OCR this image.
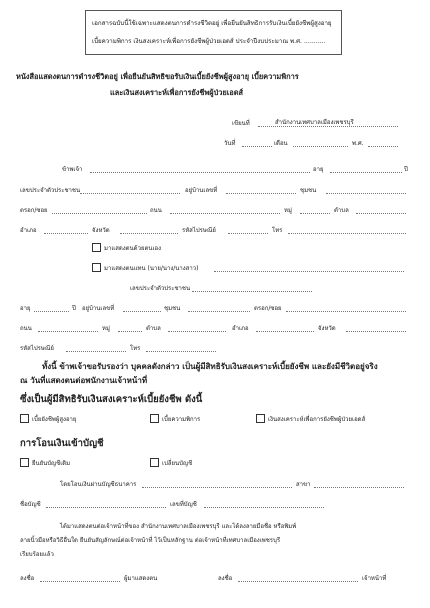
เอกสารฉบับนี้ใช้เฉพาะแสดงตนการดำรงชีวิตอยู่ เพื่อยืนยันสิทธิการรับเงินเบี้ยยังชีพผู้สูงอายุ
เบี้ยความพิการ เงินสงเคราะห์เพื่อการยังชีพผู้ป่วยเอดส์ ประจำปีงบประมาณ พ.ศ. ...........
หนังสือแสดงตนการดำรงชีวิตอยู่ เพื่อยืนยันสิทธิขอรับเงินเบี้ยยังชีพผู้สูงอายุ เบี้ยความพิการ
และเงินสงเคราะห์เพื่อการยังชีพผู้ป่วยเอดส์
เขียนที่	สำนักงานเทศบาลเมืองเพชรบุรี
วันที่	เดือน	พ.ศ.
ข้าพเจ้า	อายุ	ปี
เลขประจำตัวประชาชน	อยู่บ้านเลขที่	ชุมชน
ตรอก/ซอย	ถนน	หมู่	ตำบล
อำเภอ	จังหวัด	รหัสไปรษณีย์	โทร
มาแสดงตนด้วยตนเอง
มาแสดงตนแทน (นาย/นาง/นางสาว)
เลขประจำตัวประชาชน
อายุ	ปี อยู่บ้านเลขที่	ชุมชน	ตรอก/ซอย
ถนน	หมู่	ตำบล	อำเภอ	จังหวัด
รหัสไปรษณีย์	โทร
ทั้งนี้ ข้าพเจ้าขอรับรองว่า บุคคลดังกล่าว เป็นผู้มีสิทธิรับเงินสงเคราะห์เบี้ยยังชีพ และยังมีชีวิตอยู่จริง
ณ วันที่แสดงตนต่อพนักงานเจ้าหน้าที่
ซึ่งเป็นผู้มีสิทธิรับเงินสงเคราะห์เบี้ยยังชีพ ดังนี้
เบี้ยยังชีพผู้สูงอายุ	เบี้ยความพิการ	เงินสงเคราะห์เพื่อการยังชีพผู้ป่วยเอดส์
การโอนเงินเข้าบัญชี
ยืนยันบัญชีเดิม	เปลี่ยนบัญชี
โดยโอนเงินผ่านบัญชีธนาคาร	สาขา
ชื่อบัญชี	เลขที่บัญชี
ได้มาแสดงตนต่อเจ้าหน้าที่ของ สำนักงานเทศบาลเมืองเพชรบุรี และได้ลงลายมือชื่อ หรือพิมพ์
ลายนิ้วมือหรือวิธีอื่นใด ยืนยันสัญลักษณ์ต่อเจ้าหน้าที่ ไว้เป็นหลักฐาน ต่อเจ้าหน้าที่เทศบาลเมืองเพชรบุรี
เรียบร้อยแล้ว
ลงชื่อ	ผู้มาแสดงตน	ลงชื่อ	เจ้าหน้าที่
